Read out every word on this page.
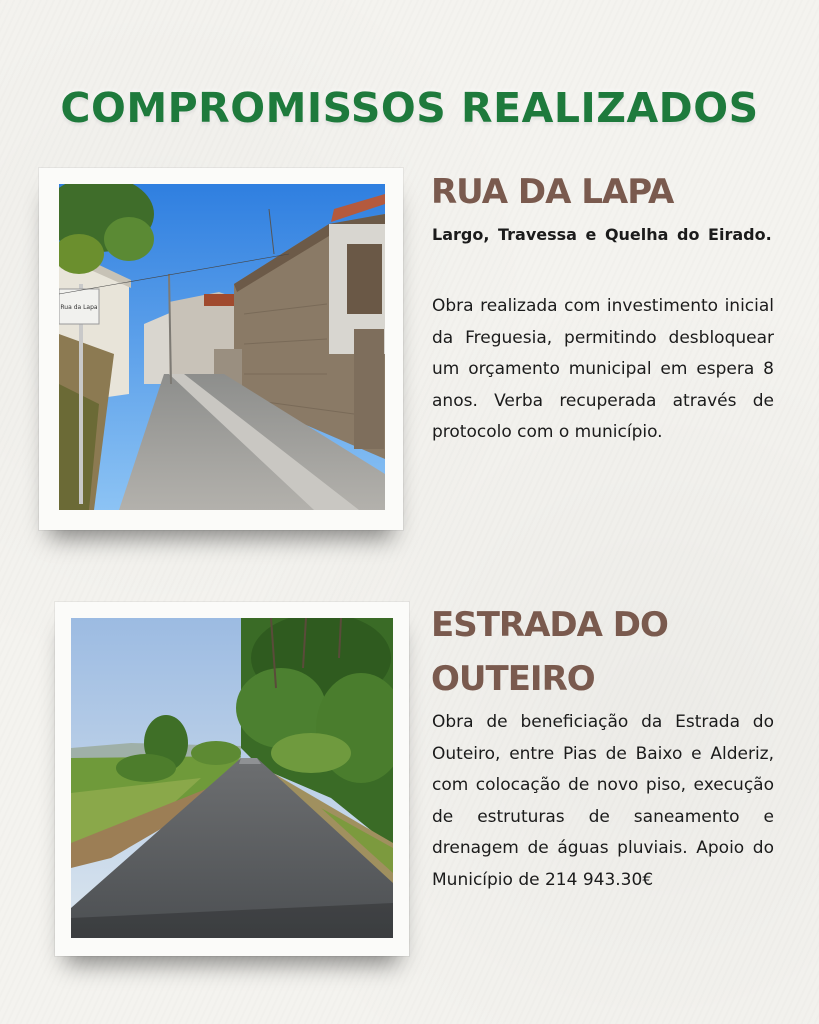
COMPROMISSOS REALIZADOS
Rua da Lapa
RUA DA LAPA
Largo, Travessa e Quelha do Eirado.
Obra realizada com investimento inicial da Freguesia, permitindo desbloquear um orçamento municipal em espera 8 anos. Verba recuperada através de protocolo com o município.
ESTRADA DO OUTEIRO
Obra de beneficiação da Estrada do Outeiro, entre Pias de Baixo e Alderiz, com colocação de novo piso, execução de estruturas de saneamento e drenagem de águas pluviais. Apoio do Município de 214 943.30€
